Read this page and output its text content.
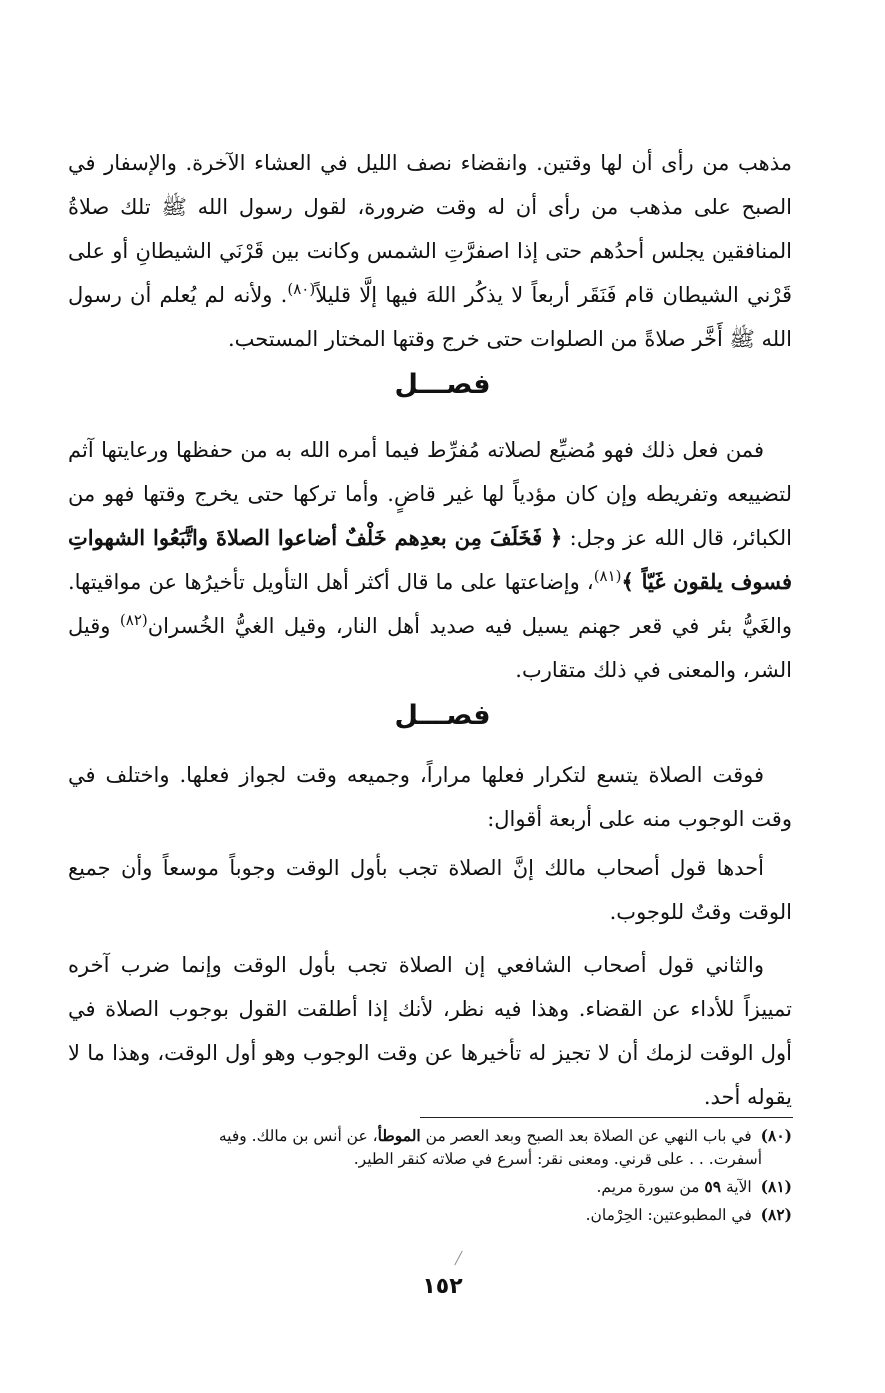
مذهب من رأى أن لها وقتين. وانقضاء نصف الليل في العشاء الآخرة. والإسفار في الصبح على مذهب من رأى أن له وقت ضرورة، لقول رسول الله ﷺ تلك صلاةُ المنافقين يجلس أحدُهم حتى إذا اصفرَّتِ الشمس وكانت بين قَرْنَي الشيطانِ أو على قَرْني الشيطان قام فَنَقَر أربعاً لا يذكُر اللهَ فيها إلَّا قليلاً$^{(٨٠)}$. ولأنه لم يُعلم أن رسول الله ﷺ أَخَّر صلاةً من الصلوات حتى خرج وقتها المختار المستحب.

فصـــل

فمن فعل ذلك فهو مُضيِّع لصلاته مُفرِّط فيما أمره الله به من حفظها ورعايتها آثم لتضييعه وتفريطه وإن كان مؤدياً لها غير قاضٍ. وأما تركها حتى يخرج وقتها فهو من الكبائر، قال الله عز وجل: ﴿ فَخَلَفَ مِن بعدِهم خَلْفٌ أضاعوا الصلاةَ واتَّبَعُوا الشهواتِ فسوف يلقون غَيّاً ﴾$^{(٨١)}$، وإضاعتها على ما قال أكثر أهل التأويل تأخيرُها عن مواقيتها. والغَيُّ بئر في قعر جهنم يسيل فيه صديد أهل النار، وقيل الغيُّ الخُسران$^{(٨٢)}$ وقيل الشر، والمعنى في ذلك متقارب.

فصـــل

فوقت الصلاة يتسع لتكرار فعلها مراراً، وجميعه وقت لجواز فعلها. واختلف في وقت الوجوب منه على أربعة أقوال:

أحدها قول أصحاب مالك إنَّ الصلاة تجب بأول الوقت وجوباً موسعاً وأن جميع الوقت وقتٌ للوجوب.

والثاني قول أصحاب الشافعي إن الصلاة تجب بأول الوقت وإنما ضرب آخره تمييزاً للأداء عن القضاء. وهذا فيه نظر، لأنك إذا أطلقت القول بوجوب الصلاة في أول الوقت لزمك أن لا تجيز له تأخيرها عن وقت الوجوب وهو أول الوقت، وهذا ما لا يقوله أحد.

(٨٠) في باب النهي عن الصلاة بعد الصبح وبعد العصر من الموطأ، عن أنس بن مالك. وفيه
أسفرت. . . على قرني. ومعنى نقر: أسرع في صلاته كنقر الطير.
(٨١) الآية ٥٩ من سورة مريم.
(٨٢) في المطبوعتين: الحِرْمان.
١٥٢
